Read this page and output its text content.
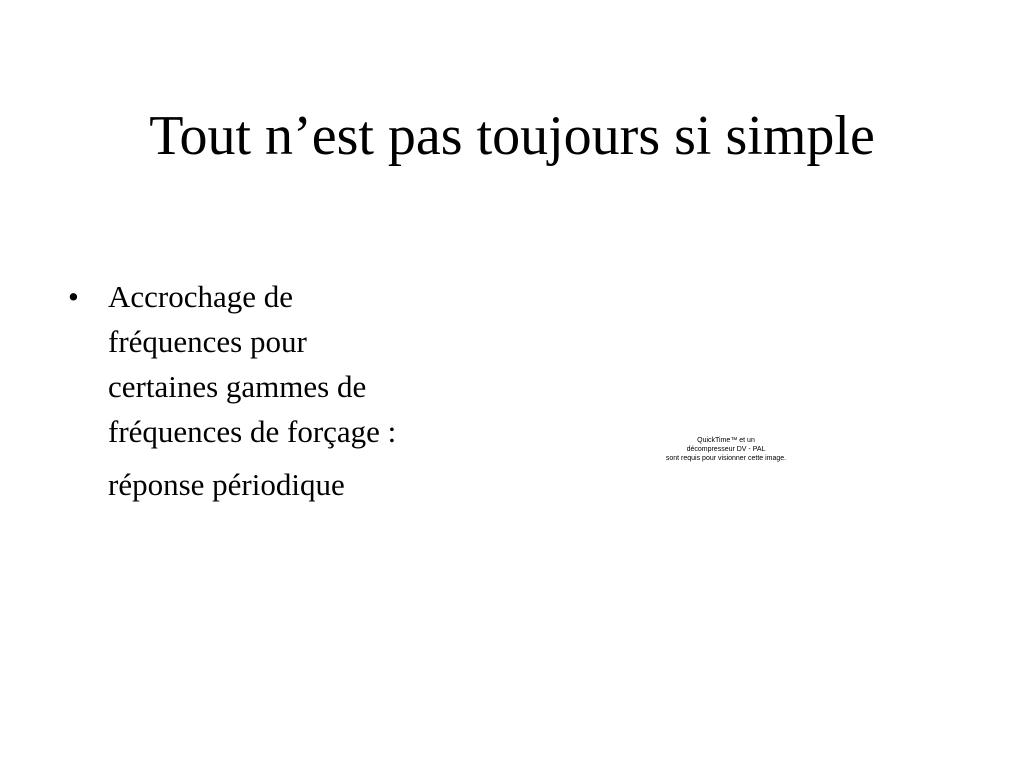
Tout n’est pas toujours si simple
• Accrochage de
fréquences pour
certaines gammes de
fréquences de forçage :
réponse périodique
QuickTime™ et un
décompresseur DV - PAL
sont requis pour visionner cette image.
